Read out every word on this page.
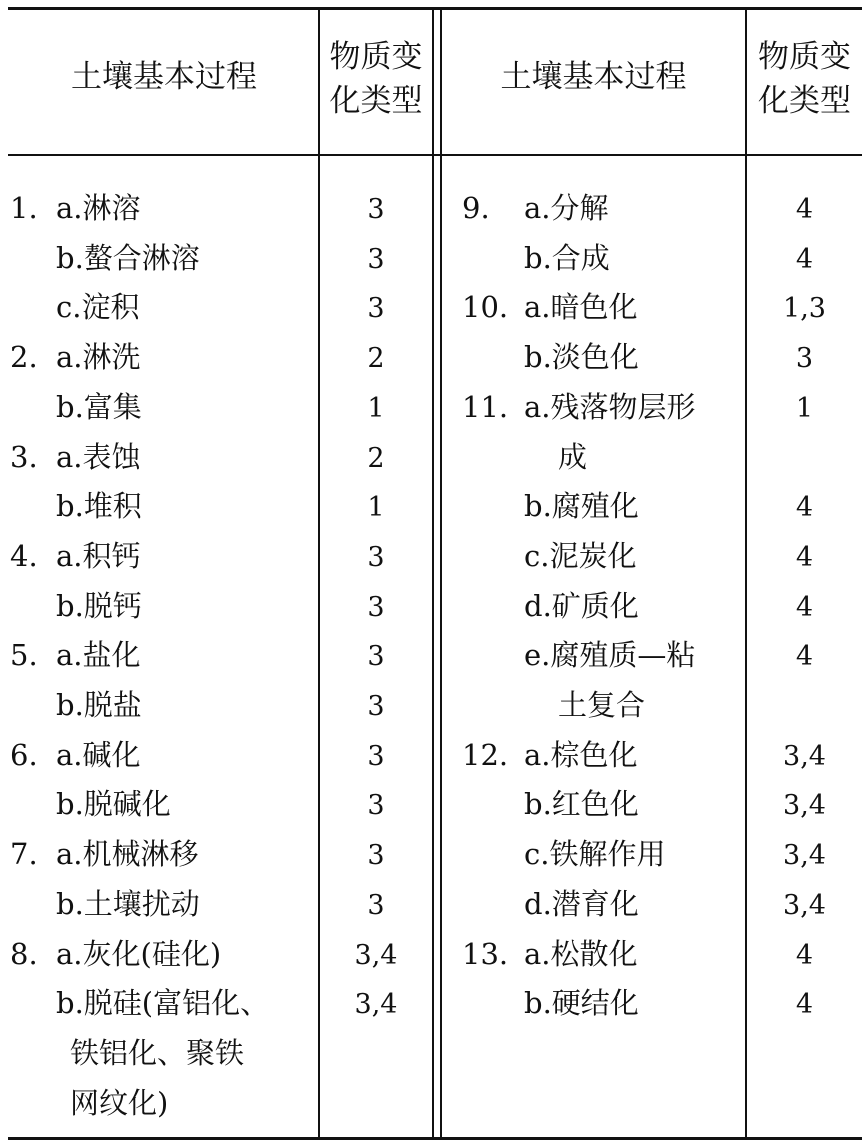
土壤基本过程
物质变
化类型
土壤基本过程
物质变
化类型
1. a.淋溶	3
b.螯合淋溶	3
c.淀积	3
2. a.淋洗	2
b.富集	1
3. a.表蚀	2
b.堆积	1
4. a.积钙	3
b.脱钙	3
5. a.盐化	3
b.脱盐	3
6. a.碱化	3
b.脱碱化	3
7. a.机械淋移	3
b.土壤扰动	3
8. a.灰化(硅化)	3,4
b.脱硅(富铝化、	3,4
铁铝化、聚铁
网纹化)
9. a.分解	4
b.合成	4
10. a.暗色化	1,3
b.淡色化	3
11. a.残落物层形	1
成
b.腐殖化	4
c.泥炭化	4
d.矿质化	4
e.腐殖质—粘	4
土复合
12. a.棕色化	3,4
b.红色化	3,4
c.铁解作用	3,4
d.潜育化	3,4
13. a.松散化	4
b.硬结化	4
